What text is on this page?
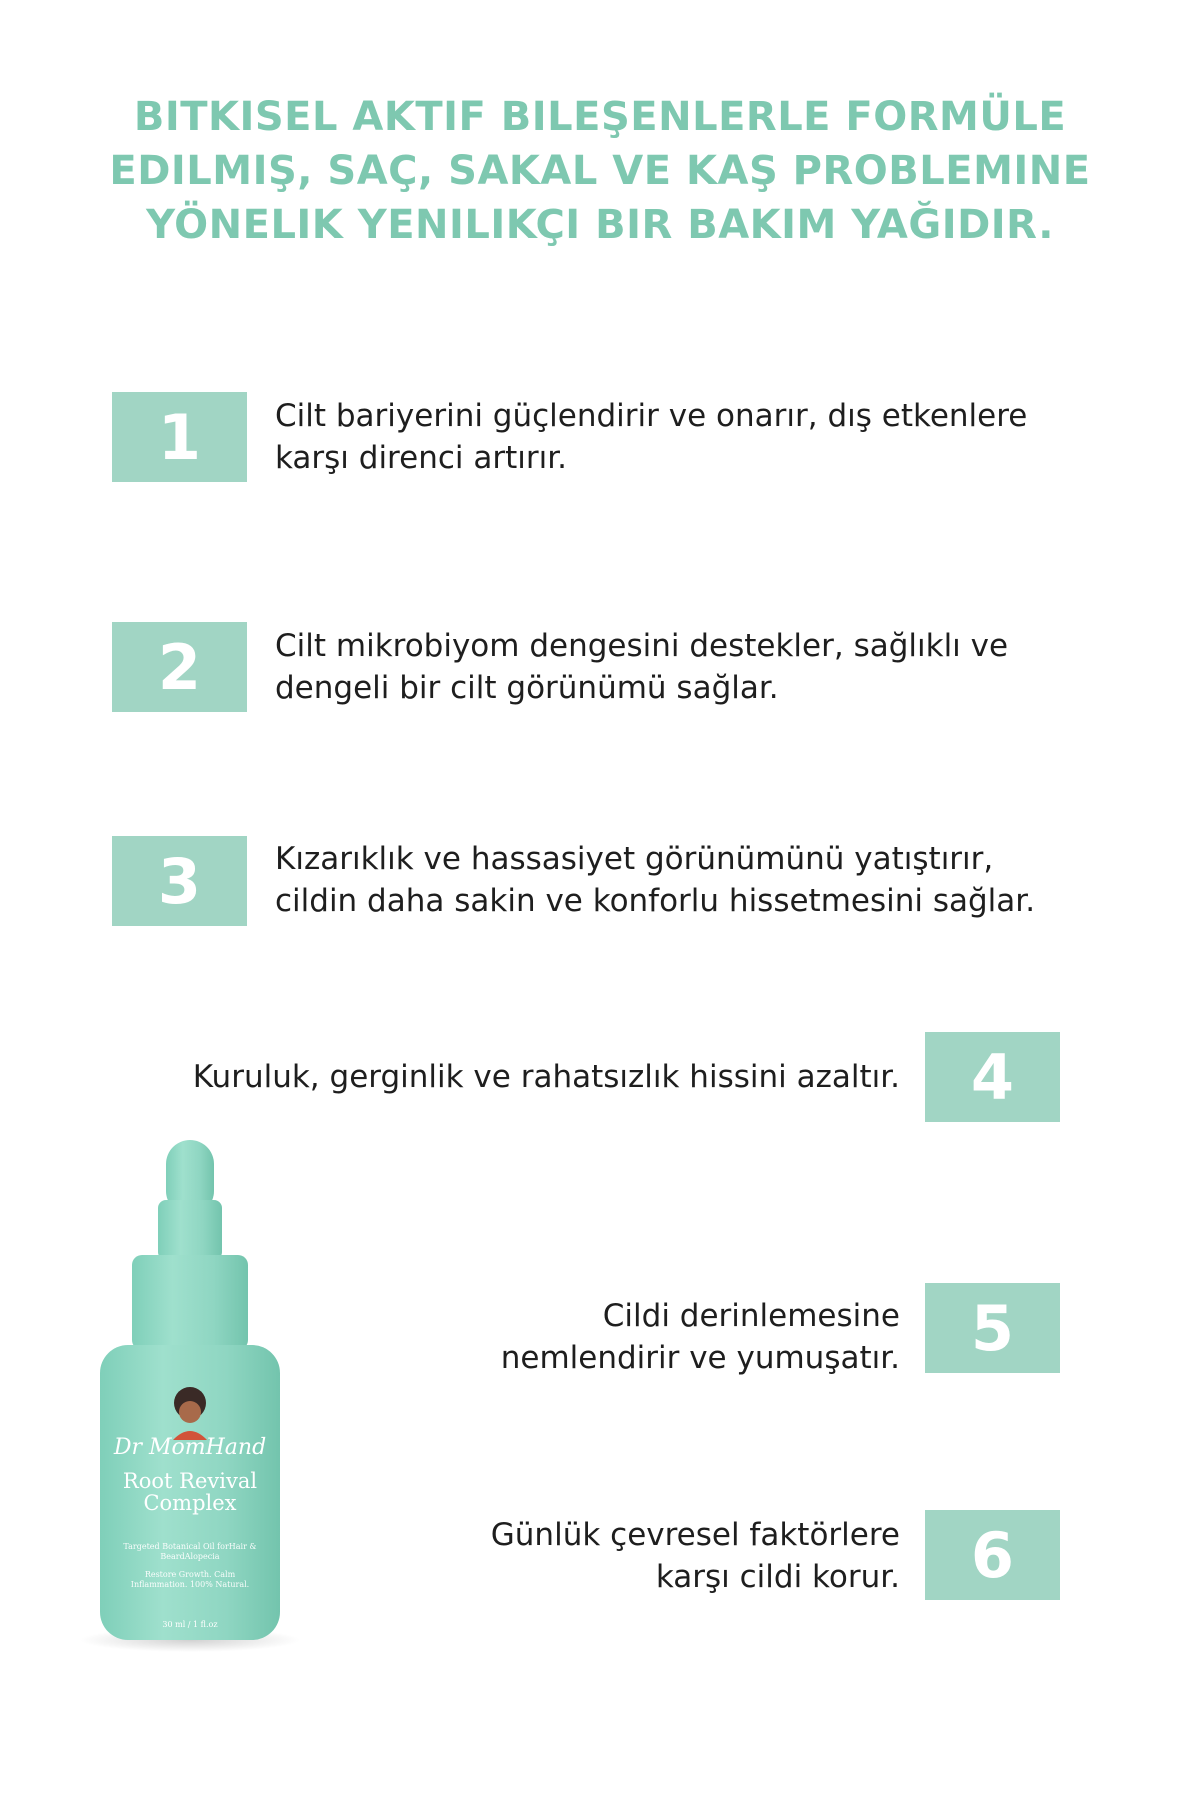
BITKISEL AKTIF BILEŞENLERLE FORMÜLE
EDILMIŞ, SAÇ, SAKAL VE KAŞ PROBLEMINE
YÖNELIK YENILIKÇI BIR BAKIM YAĞIDIR.
1	Cilt bariyerini güçlendirir ve onarır, dış etkenlere
karşı direnci artırır.

2	Cilt mikrobiyom dengesini destekler, sağlıklı ve
dengeli bir cilt görünümü sağlar.

3	Kızarıklık ve hassasiyet görünümünü yatıştırır,
cildin daha sakin ve konforlu hissetmesini sağlar.

4

Kuruluk, gerginlik ve rahatsızlık hissini azaltır.

5

Cildi derinlemesine
nemlendirir ve yumuşatır.

6

Günlük çevresel faktörlere
karşı cildi korur.

Dr MomHand
Root Revival Complex
Targeted Botanical Oil forHair & BeardAlopecia
Restore Growth. Calm Inflammation. 100% Natural.
30 ml / 1 fl.oz
